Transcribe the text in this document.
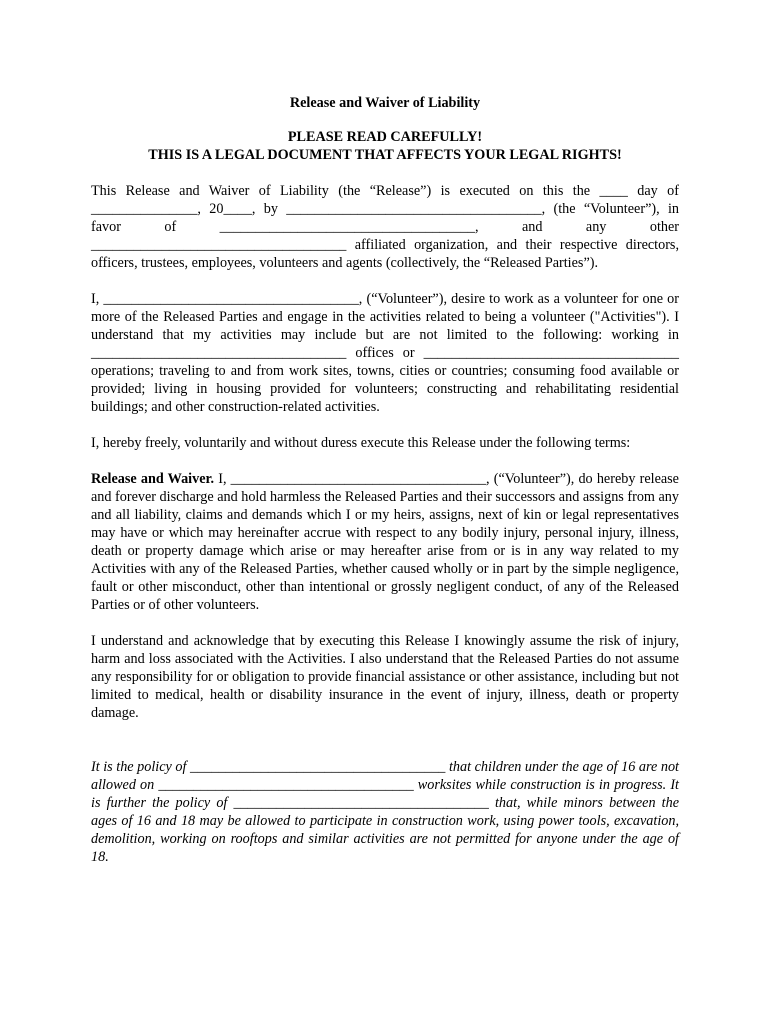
Release and Waiver of Liability
PLEASE READ CAREFULLY!
THIS IS A LEGAL DOCUMENT THAT AFFECTS YOUR LEGAL RIGHTS!

This Release and Waiver of Liability (the “Release”) is executed on this the ____ day of _______________, 20____, by ____________________________________, (the “Volunteer”), in favor of ____________________________________, and any other ____________________________________ affiliated organization, and their respective directors, officers, trustees, employees, volunteers and agents (collectively, the “Released Parties”).

I, ____________________________________, (“Volunteer”), desire to work as a volunteer for one or more of the Released Parties and engage in the activities related to being a volunteer ("Activities"). I understand that my activities may include but are not limited to the following: working in ____________________________________ offices or ____________________________________ operations; traveling to and from work sites, towns, cities or countries; consuming food available or provided; living in housing provided for volunteers; constructing and rehabilitating residential buildings; and other construction-related activities.

I, hereby freely, voluntarily and without duress execute this Release under the following terms:

Release and Waiver. I, ____________________________________, (“Volunteer”), do hereby release and forever discharge and hold harmless the Released Parties and their successors and assigns from any and all liability, claims and demands which I or my heirs, assigns, next of kin or legal representatives may have or which may hereinafter accrue with respect to any bodily injury, personal injury, illness, death or property damage which arise or may hereafter arise from or is in any way related to my Activities with any of the Released Parties, whether caused wholly or in part by the simple negligence, fault or other misconduct, other than intentional or grossly negligent conduct, of any of the Released Parties or of other volunteers.

I understand and acknowledge that by executing this Release I knowingly assume the risk of injury, harm and loss associated with the Activities. I also understand that the Released Parties do not assume any responsibility for or obligation to provide financial assistance or other assistance, including but not limited to medical, health or disability insurance in the event of injury, illness, death or property damage.

It is the policy of ____________________________________ that children under the age of 16 are not allowed on ____________________________________ worksites while construction is in progress. It is further the policy of ____________________________________ that, while minors between the ages of 16 and 18 may be allowed to participate in construction work, using power tools, excavation, demolition, working on rooftops and similar activities are not permitted for anyone under the age of 18.
